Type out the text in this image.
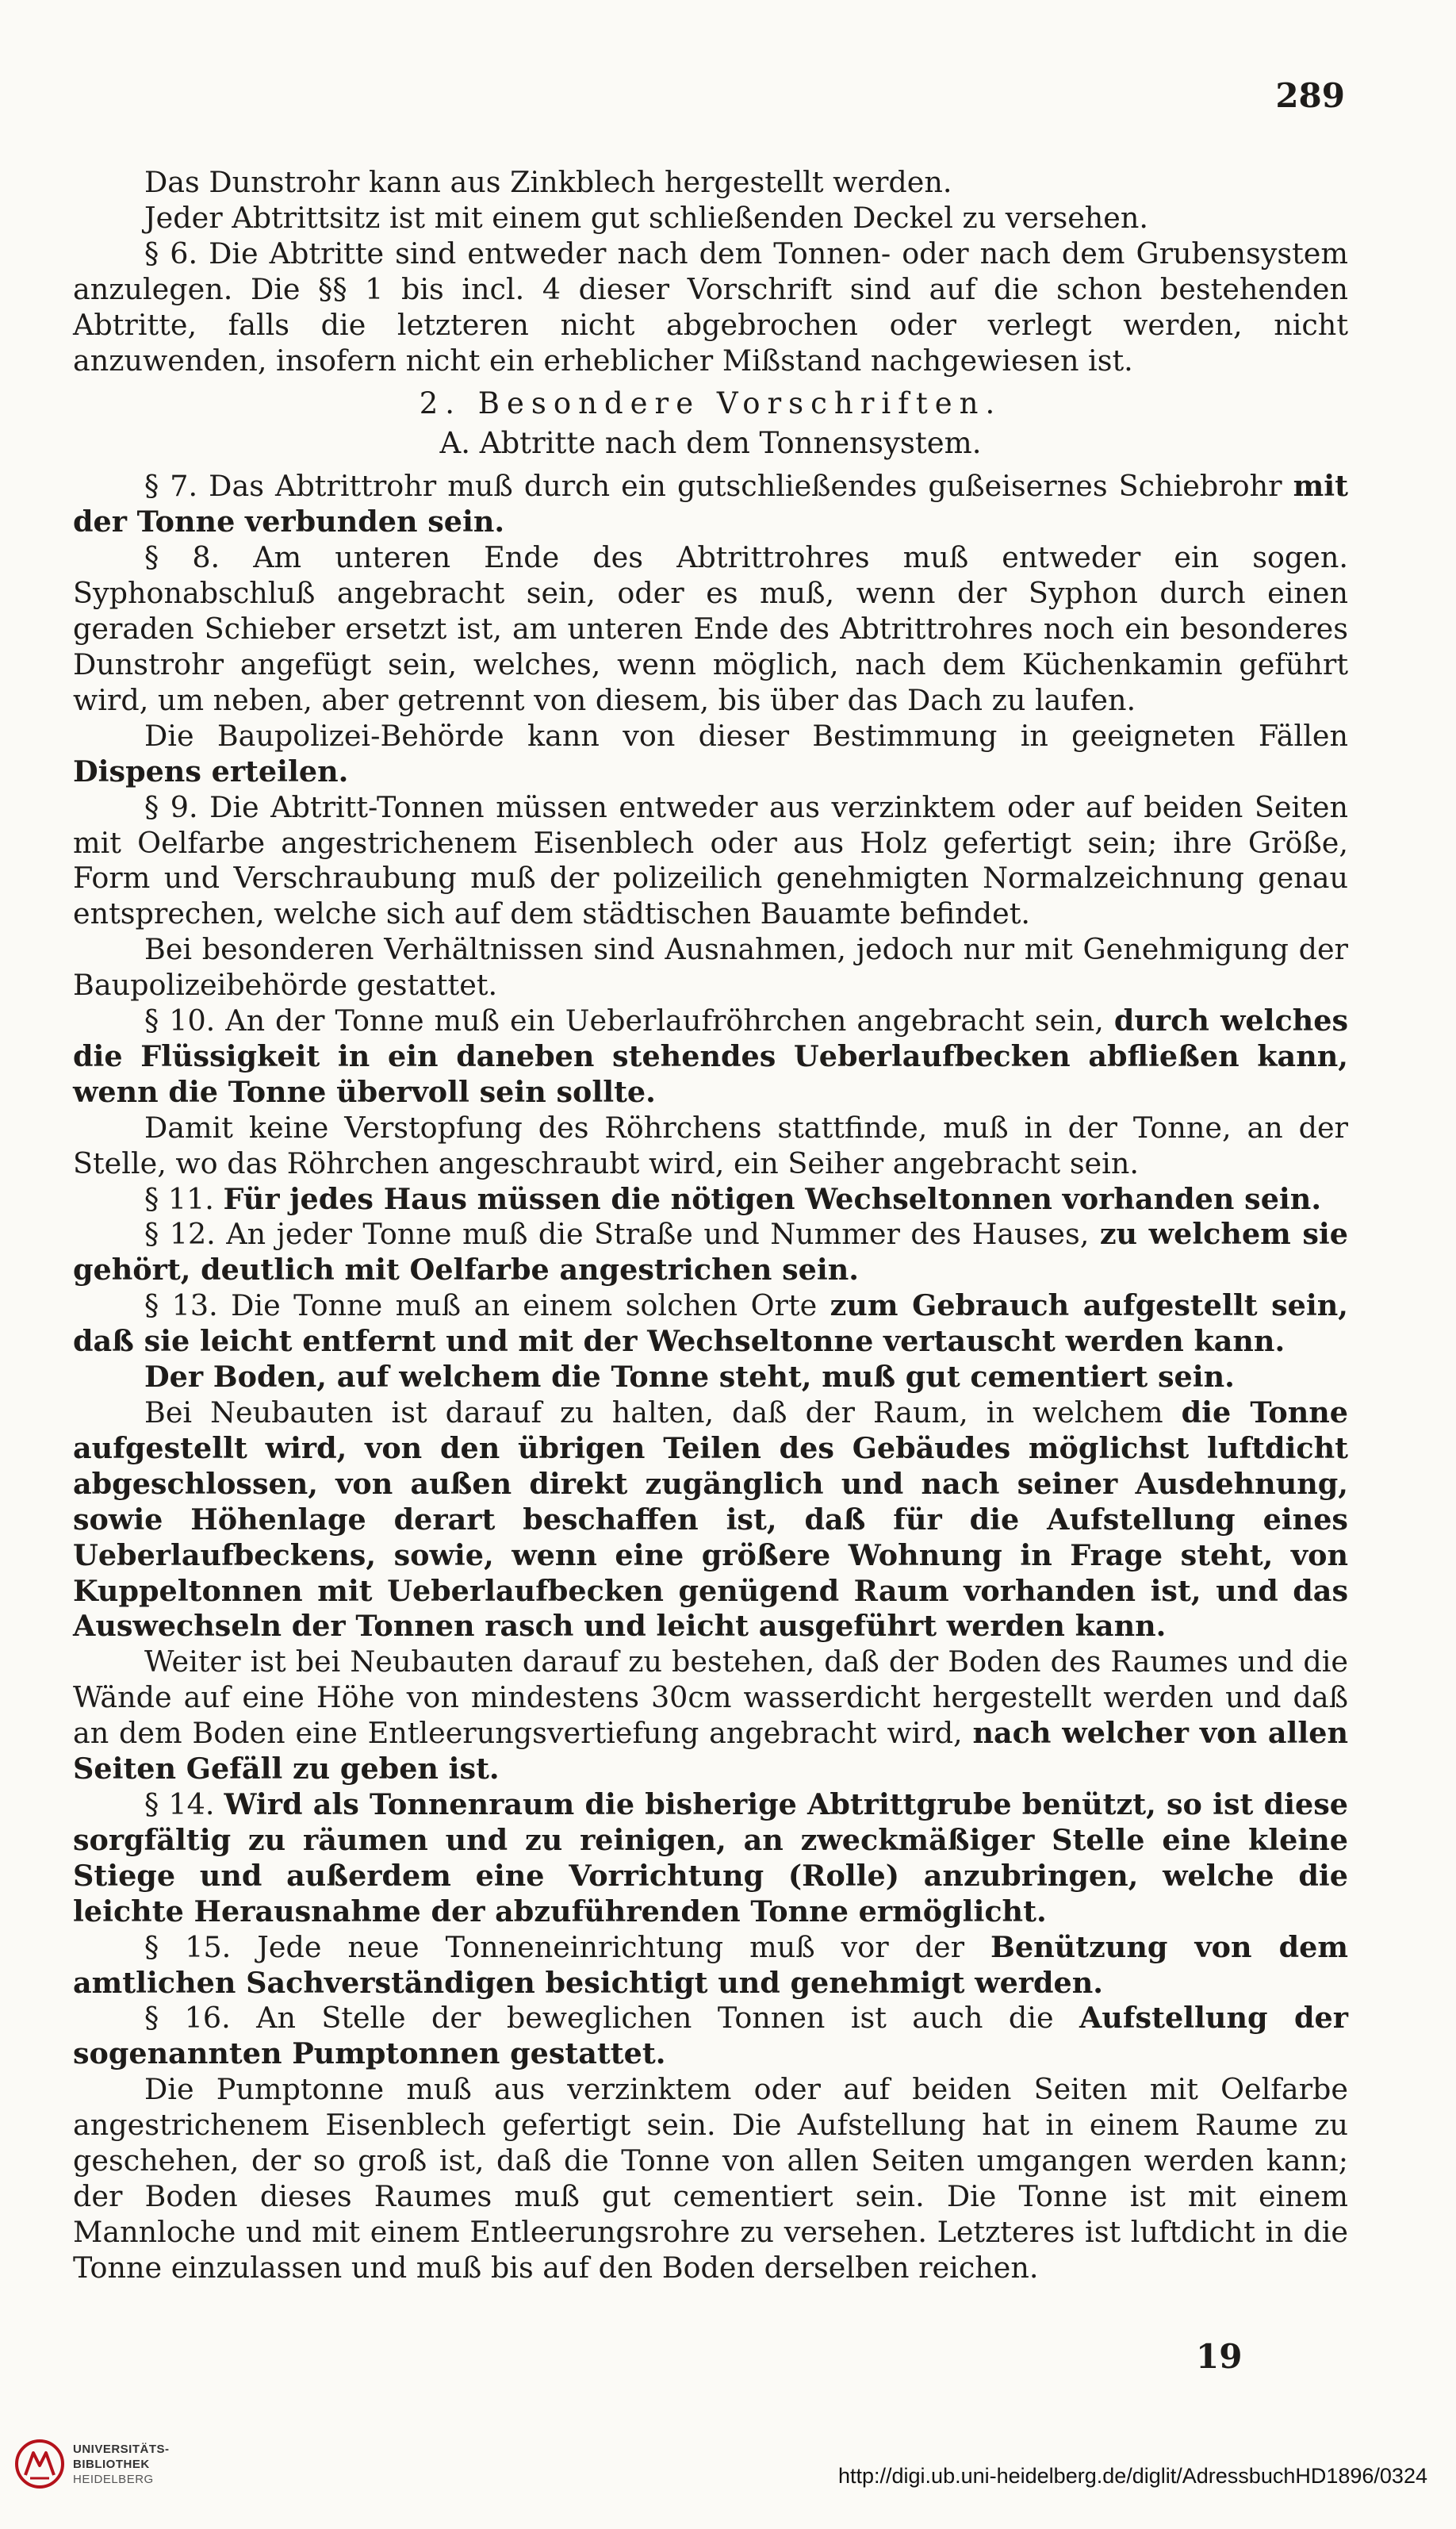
289

Das Dunstrohr kann aus Zinkblech hergestellt werden.

Jeder Abtrittsitz ist mit einem gut schließenden Deckel zu versehen.

§ 6. Die Abtritte sind entweder nach dem Tonnen- oder nach dem Grubensystem anzulegen. Die §§ 1 bis incl. 4 dieser Vorschrift sind auf die schon bestehenden Abtritte, falls die letzteren nicht abgebrochen oder verlegt werden, nicht anzuwenden, insofern nicht ein erheblicher Mißstand nachgewiesen ist.

2. Besondere Vorschriften.
A. Abtritte nach dem Tonnensystem.

§ 7. Das Abtrittrohr muß durch ein gutschließendes gußeisernes Schiebrohr mit der Tonne verbunden sein.

§ 8. Am unteren Ende des Abtrittrohres muß entweder ein sogen. Syphonabschluß angebracht sein, oder es muß, wenn der Syphon durch einen geraden Schieber ersetzt ist, am unteren Ende des Abtrittrohres noch ein besonderes Dunstrohr angefügt sein, welches, wenn möglich, nach dem Küchenkamin geführt wird, um neben, aber getrennt von diesem, bis über das Dach zu laufen.

Die Baupolizei-Behörde kann von dieser Bestimmung in geeigneten Fällen Dispens erteilen.

§ 9. Die Abtritt-Tonnen müssen entweder aus verzinktem oder auf beiden Seiten mit Oelfarbe angestrichenem Eisenblech oder aus Holz gefertigt sein; ihre Größe, Form und Verschraubung muß der polizeilich genehmigten Normalzeichnung genau entsprechen, welche sich auf dem städtischen Bauamte befindet.

Bei besonderen Verhältnissen sind Ausnahmen, jedoch nur mit Genehmigung der Baupolizeibehörde gestattet.

§ 10. An der Tonne muß ein Ueberlaufröhrchen angebracht sein, durch welches die Flüssigkeit in ein daneben stehendes Ueberlaufbecken abfließen kann, wenn die Tonne übervoll sein sollte.

Damit keine Verstopfung des Röhrchens stattfinde, muß in der Tonne, an der Stelle, wo das Röhrchen angeschraubt wird, ein Seiher angebracht sein.

§ 11. Für jedes Haus müssen die nötigen Wechseltonnen vorhanden sein.

§ 12. An jeder Tonne muß die Straße und Nummer des Hauses, zu welchem sie gehört, deutlich mit Oelfarbe angestrichen sein.

§ 13. Die Tonne muß an einem solchen Orte zum Gebrauch aufgestellt sein, daß sie leicht entfernt und mit der Wechseltonne vertauscht werden kann.

Der Boden, auf welchem die Tonne steht, muß gut cementiert sein.

Bei Neubauten ist darauf zu halten, daß der Raum, in welchem die Tonne aufgestellt wird, von den übrigen Teilen des Gebäudes möglichst luftdicht abgeschlossen, von außen direkt zugänglich und nach seiner Ausdehnung, sowie Höhenlage derart beschaffen ist, daß für die Aufstellung eines Ueberlaufbeckens, sowie, wenn eine größere Wohnung in Frage steht, von Kuppeltonnen mit Ueberlaufbecken genügend Raum vorhanden ist, und das Auswechseln der Tonnen rasch und leicht ausgeführt werden kann.

Weiter ist bei Neubauten darauf zu bestehen, daß der Boden des Raumes und die Wände auf eine Höhe von mindestens 30cm wasserdicht hergestellt werden und daß an dem Boden eine Entleerungsvertiefung angebracht wird, nach welcher von allen Seiten Gefäll zu geben ist.

§ 14. Wird als Tonnenraum die bisherige Abtrittgrube benützt, so ist diese sorgfältig zu räumen und zu reinigen, an zweckmäßiger Stelle eine kleine Stiege und außerdem eine Vorrichtung (Rolle) anzubringen, welche die leichte Herausnahme der abzuführenden Tonne ermöglicht.

§ 15. Jede neue Tonneneinrichtung muß vor der Benützung von dem amtlichen Sachverständigen besichtigt und genehmigt werden.

§ 16. An Stelle der beweglichen Tonnen ist auch die Aufstellung der sogenannten Pumptonnen gestattet.

Die Pumptonne muß aus verzinktem oder auf beiden Seiten mit Oelfarbe angestrichenem Eisenblech gefertigt sein. Die Aufstellung hat in einem Raume zu geschehen, der so groß ist, daß die Tonne von allen Seiten umgangen werden kann; der Boden dieses Raumes muß gut cementiert sein. Die Tonne ist mit einem Mannloche und mit einem Entleerungsrohre zu versehen. Letzteres ist luftdicht in die Tonne einzulassen und muß bis auf den Boden derselben reichen.

19
UNIVERSITÄTS-
BIBLIOTHEK
HEIDELBERG	http://digi.ub.uni-heidelberg.de/diglit/AdressbuchHD1896/0324
